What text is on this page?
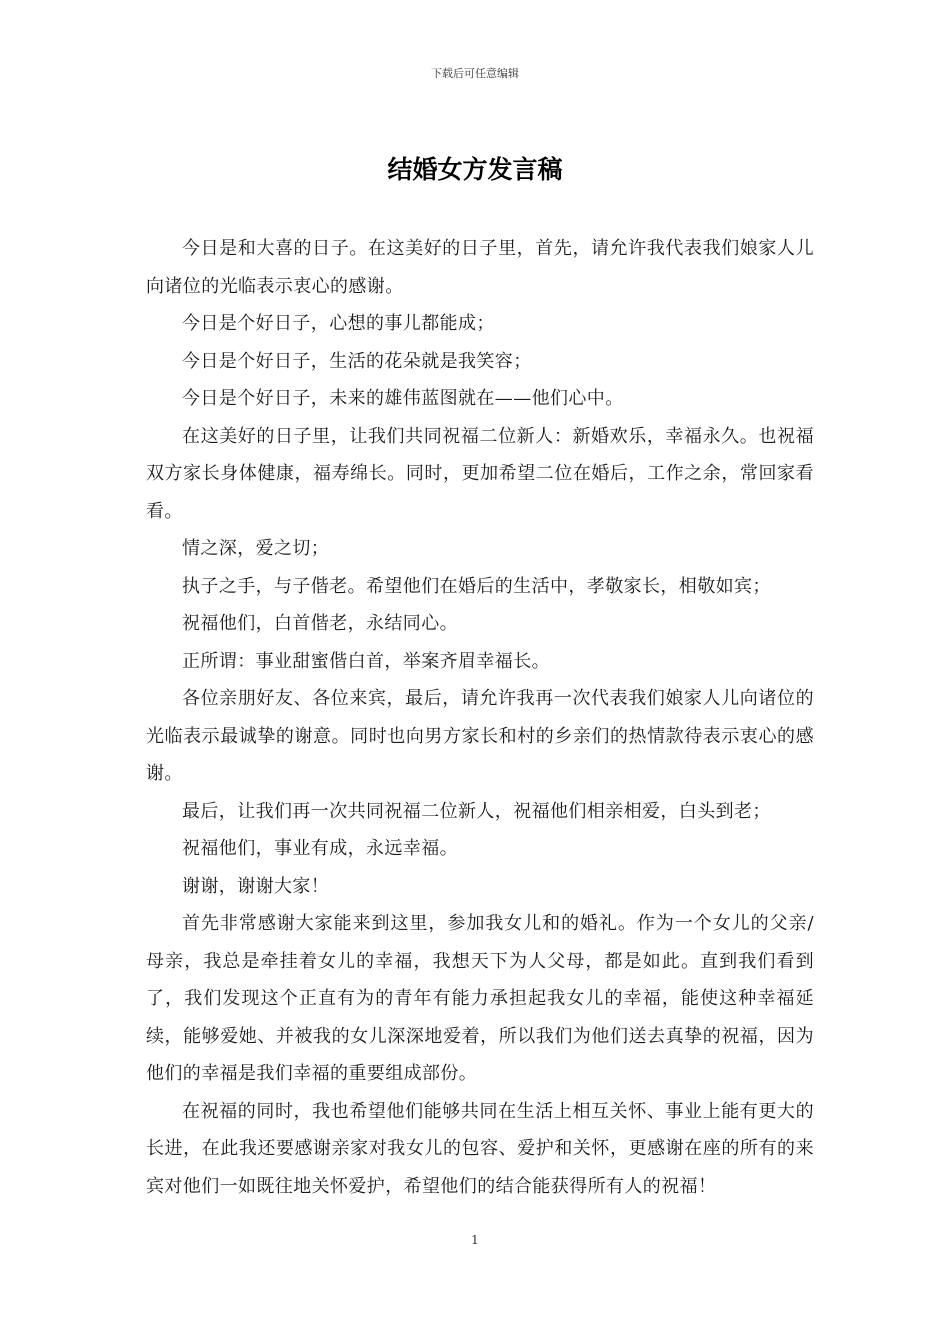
下载后可任意编辑
结婚女方发言稿

今日是和大喜的日子。在这美好的日子里，首先，请允许我代表我们娘家人儿向诸位的光临表示衷心的感谢。

今日是个好日子，心想的事儿都能成；

今日是个好日子，生活的花朵就是我笑容；

今日是个好日子，未来的雄伟蓝图就在——他们心中。

在这美好的日子里，让我们共同祝福二位新人：新婚欢乐，幸福永久。也祝福双方家长身体健康，福寿绵长。同时，更加希望二位在婚后，工作之余，常回家看看。

情之深，爱之切；

执子之手，与子偕老。希望他们在婚后的生活中，孝敬家长，相敬如宾；

祝福他们，白首偕老，永结同心。

正所谓：事业甜蜜偕白首，举案齐眉幸福长。

各位亲朋好友、各位来宾，最后，请允许我再一次代表我们娘家人儿向诸位的光临表示最诚挚的谢意。同时也向男方家长和村的乡亲们的热情款待表示衷心的感谢。

最后，让我们再一次共同祝福二位新人，祝福他们相亲相爱，白头到老；

祝福他们，事业有成，永远幸福。

谢谢，谢谢大家！

首先非常感谢大家能来到这里，参加我女儿和的婚礼。作为一个女儿的父亲/母亲，我总是牵挂着女儿的幸福，我想天下为人父母，都是如此。直到我们看到了，我们发现这个正直有为的青年有能力承担起我女儿的幸福，能使这种幸福延续，能够爱她、并被我的女儿深深地爱着，所以我们为他们送去真挚的祝福，因为他们的幸福是我们幸福的重要组成部份。

在祝福的同时，我也希望他们能够共同在生活上相互关怀、事业上能有更大的长进，在此我还要感谢亲家对我女儿的包容、爱护和关怀，更感谢在座的所有的来宾对他们一如既往地关怀爱护，希望他们的结合能获得所有人的祝福！

1
